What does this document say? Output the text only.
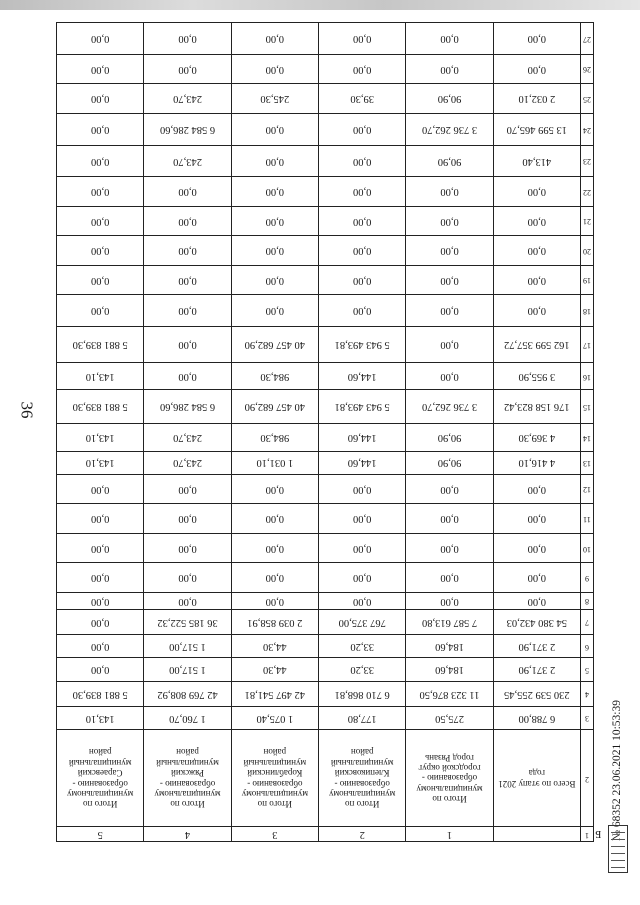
36
№ 68352 23.06.2021 10:53:39
Б
1		1	2	3	4	5
2	Всего по этапу 2021 года	Итого по муниципальному образованию - городской округ город Рязань	Итого по муниципальному образованию - Клепиковский муниципальный район	Итого по муниципальному образованию - Кораблинский муниципальный район	Итого по муниципальному образованию - Ряжский муниципальный район	Итого по муниципальному образованию - Сараевский муниципальный район
3	6 788,00	275,50	177,80	1 075,40	1 760,70	143,10
4	230 539 255,45	11 323 876,50	6 710 868,81	42 497 541,81	42 769 808,92	5 881 839,30
5	2 371,90	184,60	33,20	44,30	1 517,00	0,00
6	2 371,90	184,60	33,20	44,30	1 517,00	0,00
7	54 380 432,03	7 587 613,80	767 375,00	2 039 858,91	36 185 522,32	0,00
8	0,00	0,00	0,00	0,00	0,00	0,00
9	0,00	0,00	0,00	0,00	0,00	0,00
10	0,00	0,00	0,00	0,00	0,00	0,00
11	0,00	0,00	0,00	0,00	0,00	0,00
12	0,00	0,00	0,00	0,00	0,00	0,00
13	4 416,10	90,90	144,60	1 031,10	243,70	143,10
14	4 369,30	90,90	144,60	984,30	243,70	143,10
15	176 158 823,42	3 736 262,70	5 943 493,81	40 457 682,90	6 584 286,60	5 881 839,30
16	3 955,90	0,00	144,60	984,30	0,00	143,10
17	162 599 357,72	0,00	5 943 493,81	40 457 682,90	0,00	5 881 839,30
18	0,00	0,00	0,00	0,00	0,00	0,00
19	0,00	0,00	0,00	0,00	0,00	0,00
20	0,00	0,00	0,00	0,00	0,00	0,00
21	0,00	0,00	0,00	0,00	0,00	0,00
22	0,00	0,00	0,00	0,00	0,00	0,00
23	413,40	90,90	0,00	0,00	243,70	0,00
24	13 599 465,70	3 736 262,70	0,00	0,00	6 584 286,60	0,00
25	2 032,10	90,90	39,30	245,30	243,70	0,00
26	0,00	0,00	0,00	0,00	0,00	0,00
27	0,00	0,00	0,00	0,00	0,00	0,00
